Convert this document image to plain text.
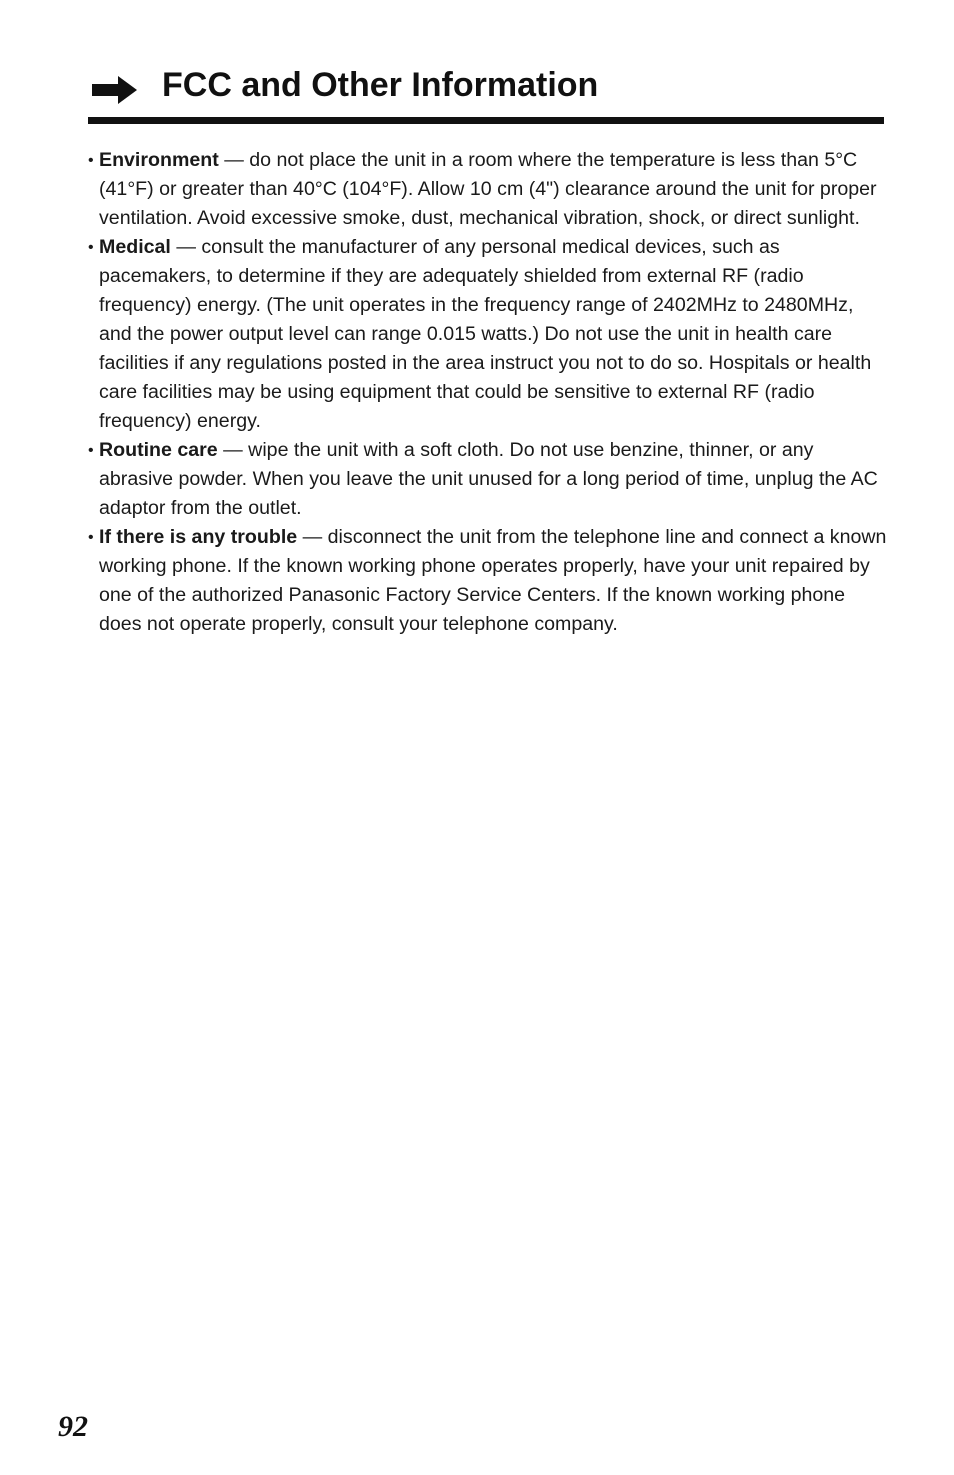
FCC and Other Information

• Environment — do not place the unit in a room where the temperature is less than 5°C (41°F) or greater than 40°C (104°F). Allow 10 cm (4") clearance around the unit for proper ventilation. Avoid excessive smoke, dust, mechanical vibration, shock, or direct sunlight.

• Medical — consult the manufacturer of any personal medical devices, such as pacemakers, to determine if they are adequately shielded from external RF (radio frequency) energy. (The unit operates in the frequency range of 2402MHz to 2480MHz, and the power output level can range 0.015 watts.) Do not use the unit in health care facilities if any regulations posted in the area instruct you not to do so. Hospitals or health care facilities may be using equipment that could be sensitive to external RF (radio frequency) energy.

• Routine care — wipe the unit with a soft cloth. Do not use benzine, thinner, or any abrasive powder. When you leave the unit unused for a long period of time, unplug the AC adaptor from the outlet.

• If there is any trouble — disconnect the unit from the telephone line and connect a known working phone. If the known working phone operates properly, have your unit repaired by one of the authorized Panasonic Factory Service Centers. If the known working phone does not operate properly, consult your telephone company.

92
